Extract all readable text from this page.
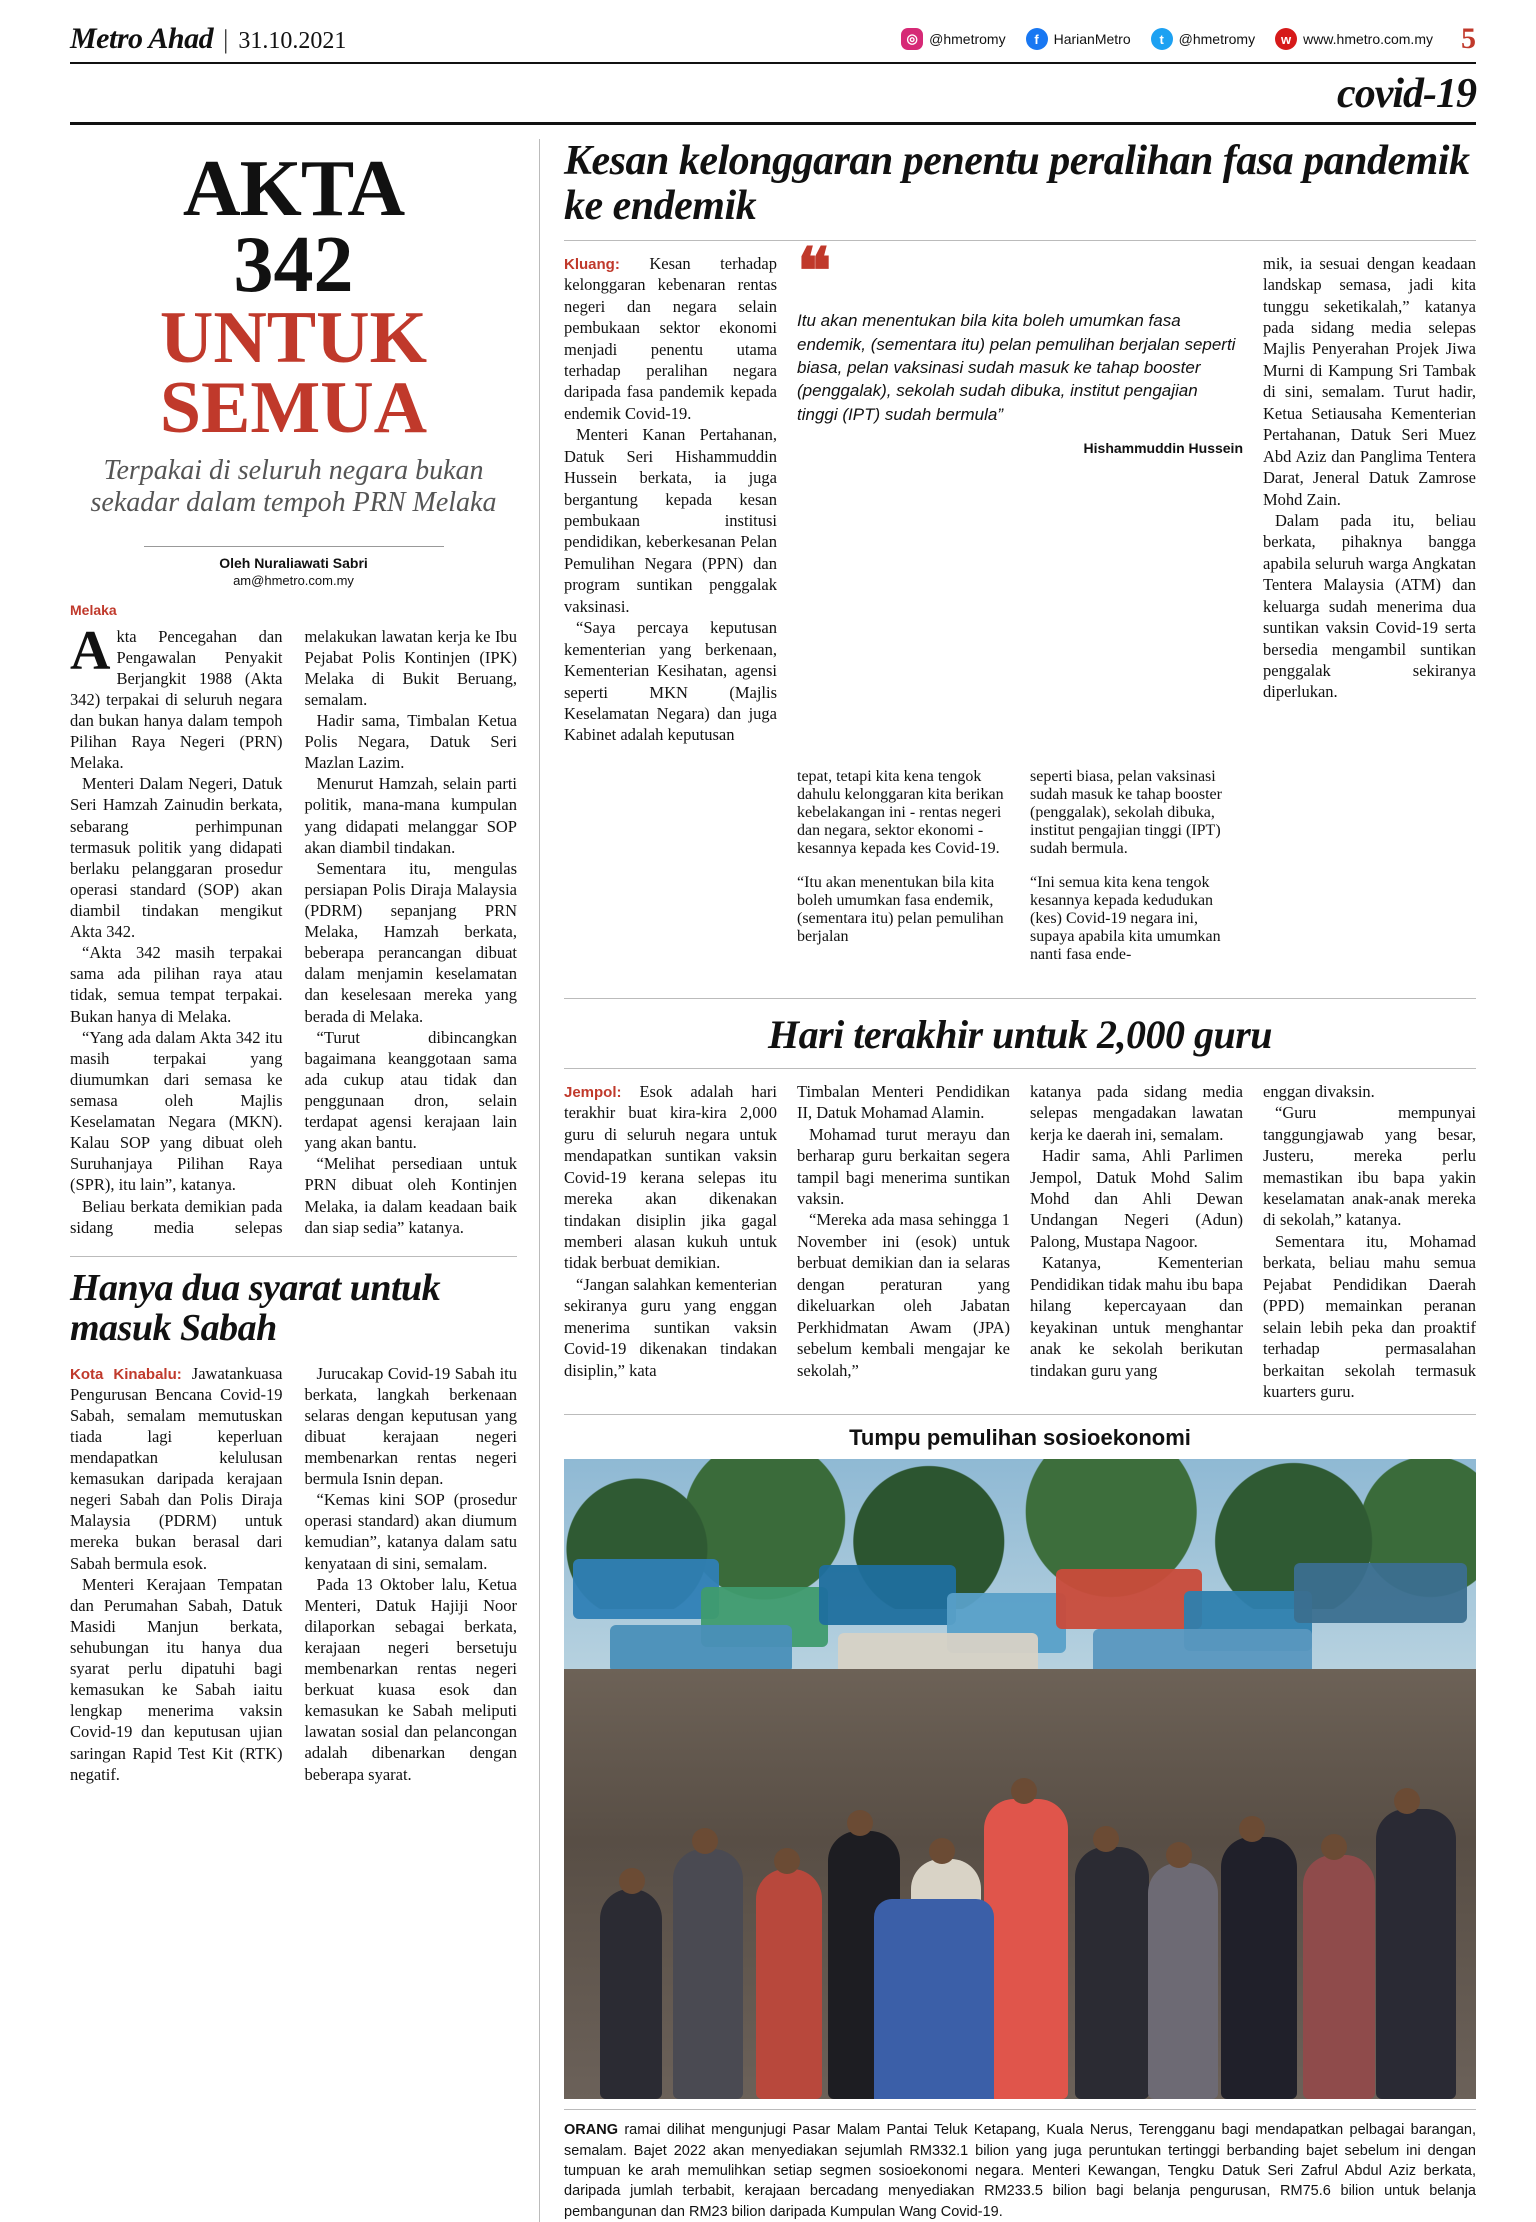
Metro Ahad | 31.10.2021	◎ @hmetromy	f	HarianMetro	t	@hmetromy	w www.hmetro.com.my 5
covid-19
AKTA
342
UNTUK
SEMUA
Terpakai di seluruh negara bukan sekadar dalam tempoh PRN Melaka
Oleh Nuraliawati Sabri
am@hmetro.com.my
Melaka

Akta Pencegahan dan Pengawalan Penyakit Berjangkit 1988 (Akta 342) terpakai di seluruh negara dan bukan hanya dalam tempoh Pilihan Raya Negeri (PRN) Melaka.

Menteri Dalam Negeri, Datuk Seri Hamzah Zainudin berkata, sebarang perhimpunan termasuk politik yang didapati berlaku pelanggaran prosedur operasi standard (SOP) akan diambil tindakan mengikut Akta 342.

“Akta 342 masih terpakai sama ada pilihan raya atau tidak, semua tempat terpakai. Bukan hanya di Melaka.

“Yang ada dalam Akta 342 itu masih terpakai yang diumumkan dari semasa ke semasa oleh Majlis Keselamatan Negara (MKN). Kalau SOP yang dibuat oleh Suruhanjaya Pilihan Raya (SPR), itu lain”, katanya.

Beliau berkata demikian pada sidang media selepas melakukan lawatan kerja ke Ibu Pejabat Polis Kontinjen (IPK) Melaka di Bukit Beruang, semalam.

Hadir sama, Timbalan Ketua Polis Negara, Datuk Seri Mazlan Lazim.

Menurut Hamzah, selain parti politik, mana-mana kumpulan yang didapati melanggar SOP akan diambil tindakan.

Sementara itu, mengulas persiapan Polis Diraja Malaysia (PDRM) sepanjang PRN Melaka, Hamzah berkata, beberapa perancangan dibuat dalam menjamin keselamatan dan keselesaan mereka yang berada di Melaka.

“Turut dibincangkan bagaimana keanggotaan sama ada cukup atau tidak dan penggunaan dron, selain terdapat agensi kerajaan lain yang akan bantu.

“Melihat persediaan untuk PRN dibuat oleh Kontinjen Melaka, ia dalam keadaan baik dan siap sedia” katanya.

Hanya dua syarat untuk masuk Sabah

Kota Kinabalu: Jawatankuasa Pengurusan Bencana Covid-19 Sabah, semalam memutuskan tiada lagi keperluan mendapatkan kelulusan kemasukan daripada kerajaan negeri Sabah dan Polis Diraja Malaysia (PDRM) untuk mereka bukan berasal dari Sabah bermula esok.

Menteri Kerajaan Tempatan dan Perumahan Sabah, Datuk Masidi Manjun berkata, sehubungan itu hanya dua syarat perlu dipatuhi bagi kemasukan ke Sabah iaitu lengkap menerima vaksin Covid-19 dan keputusan ujian saringan Rapid Test Kit (RTK) negatif.

Jurucakap Covid-19 Sabah itu berkata, langkah berkenaan selaras dengan keputusan yang dibuat kerajaan negeri membenarkan rentas negeri bermula Isnin depan.

“Kemas kini SOP (prosedur operasi standard) akan diumum kemudian”, katanya dalam satu kenyataan di sini, semalam.

Pada 13 Oktober lalu, Ketua Menteri, Datuk Hajiji Noor dilaporkan sebagai berkata, kerajaan negeri bersetuju membenarkan rentas negeri berkuat kuasa esok dan kemasukan ke Sabah meliputi lawatan sosial dan pelancongan adalah dibenarkan dengan beberapa syarat.

Kesan kelonggaran penentu peralihan fasa pandemik ke endemik

Kluang: Kesan terhadap kelonggaran kebenaran rentas negeri dan negara selain pembukaan sektor ekonomi menjadi penentu utama terhadap peralihan negara daripada fasa pandemik kepada endemik Covid-19.

Menteri Kanan Pertahanan, Datuk Seri Hishammuddin Hussein berkata, ia juga bergantung kepada kesan pembukaan institusi pendidikan, keberkesanan Pelan Pemulihan Negara (PPN) dan program suntikan penggalak vaksinasi.

“Saya percaya keputusan kementerian yang berkenaan, Kementerian Kesihatan, agensi seperti MKN (Majlis Keselamatan Negara) dan juga Kabinet adalah keputusan

❝
Itu akan menentukan bila kita boleh umumkan fasa endemik, (sementara itu) pelan pemulihan berjalan seperti biasa, pelan vaksinasi sudah masuk ke tahap booster (penggalak), sekolah sudah dibuka, institut pengajian tinggi (IPT) sudah bermula”
Hishammuddin Hussein

mik, ia sesuai dengan keadaan landskap semasa, jadi kita tunggu seketikalah,” katanya pada sidang media selepas Majlis Penyerahan Projek Jiwa Murni di Kampung Sri Tambak di sini, semalam. Turut hadir, Ketua Setiausaha Kementerian Pertahanan, Datuk Seri Muez Abd Aziz dan Panglima Tentera Darat, Jeneral Datuk Zamrose Mohd Zain.

Dalam pada itu, beliau berkata, pihaknya bangga apabila seluruh warga Angkatan Tentera Malaysia (ATM) dan keluarga sudah menerima dua suntikan vaksin Covid-19 serta bersedia mengambil suntikan penggalak sekiranya diperlukan.

tepat, tetapi kita kena tengok dahulu kelonggaran kita berikan kebelakangan ini - rentas negeri dan negara, sektor ekonomi - kesannya kepada kes Covid-19.

“Itu akan menentukan bila kita boleh umumkan fasa endemik, (sementara itu) pelan pemulihan berjalan

seperti biasa, pelan vaksinasi sudah masuk ke tahap booster (penggalak), sekolah dibuka, institut pengajian tinggi (IPT) sudah bermula.

“Ini semua kita kena tengok kesannya kepada kedudukan (kes) Covid-19 negara ini, supaya apabila kita umumkan nanti fasa ende-

Hari terakhir untuk 2,000 guru

Jempol: Esok adalah hari terakhir buat kira-kira 2,000 guru di seluruh negara untuk mendapatkan suntikan vaksin Covid-19 kerana selepas itu mereka akan dikenakan tindakan disiplin jika gagal memberi alasan kukuh untuk tidak berbuat demikian.

“Jangan salahkan kementerian sekiranya guru yang enggan menerima suntikan vaksin Covid-19 dikenakan tindakan disiplin,” kata

Timbalan Menteri Pendidikan II, Datuk Mohamad Alamin.

Mohamad turut merayu dan berharap guru berkaitan segera tampil bagi menerima suntikan vaksin.

“Mereka ada masa sehingga 1 November ini (esok) untuk berbuat demikian dan ia selaras dengan peraturan yang dikeluarkan oleh Jabatan Perkhidmatan Awam (JPA) sebelum kembali mengajar ke sekolah,”

katanya pada sidang media selepas mengadakan lawatan kerja ke daerah ini, semalam.

Hadir sama, Ahli Parlimen Jempol, Datuk Mohd Salim Mohd dan Ahli Dewan Undangan Negeri (Adun) Palong, Mustapa Nagoor.

Katanya, Kementerian Pendidikan tidak mahu ibu bapa hilang kepercayaan dan keyakinan untuk menghantar anak ke sekolah berikutan tindakan guru yang

enggan divaksin.

“Guru mempunyai tanggungjawab yang besar, Justeru, mereka perlu memastikan ibu bapa yakin keselamatan anak-anak mereka di sekolah,” katanya.

Sementara itu, Mohamad berkata, beliau mahu semua Pejabat Pendidikan Daerah (PPD) memainkan peranan selain lebih peka dan proaktif terhadap permasalahan berkaitan sekolah termasuk kuarters guru.

Tumpu pemulihan sosioekonomi
ORANG ramai dilihat mengunjugi Pasar Malam Pantai Teluk Ketapang, Kuala Nerus, Terengganu bagi mendapatkan pelbagai barangan, semalam. Bajet 2022 akan menyediakan sejumlah RM332.1 bilion yang juga peruntukan tertinggi berbanding bajet sebelum ini dengan tumpuan ke arah memulihkan setiap segmen sosioekonomi negara. Menteri Kewangan, Tengku Datuk Seri Zafrul Abdul Aziz berkata, daripada jumlah terbabit, kerajaan bercadang menyediakan RM233.5 bilion bagi belanja pengurusan, RM75.6 bilion untuk belanja pembangunan dan RM23 bilion daripada Kumpulan Wang Covid-19.
